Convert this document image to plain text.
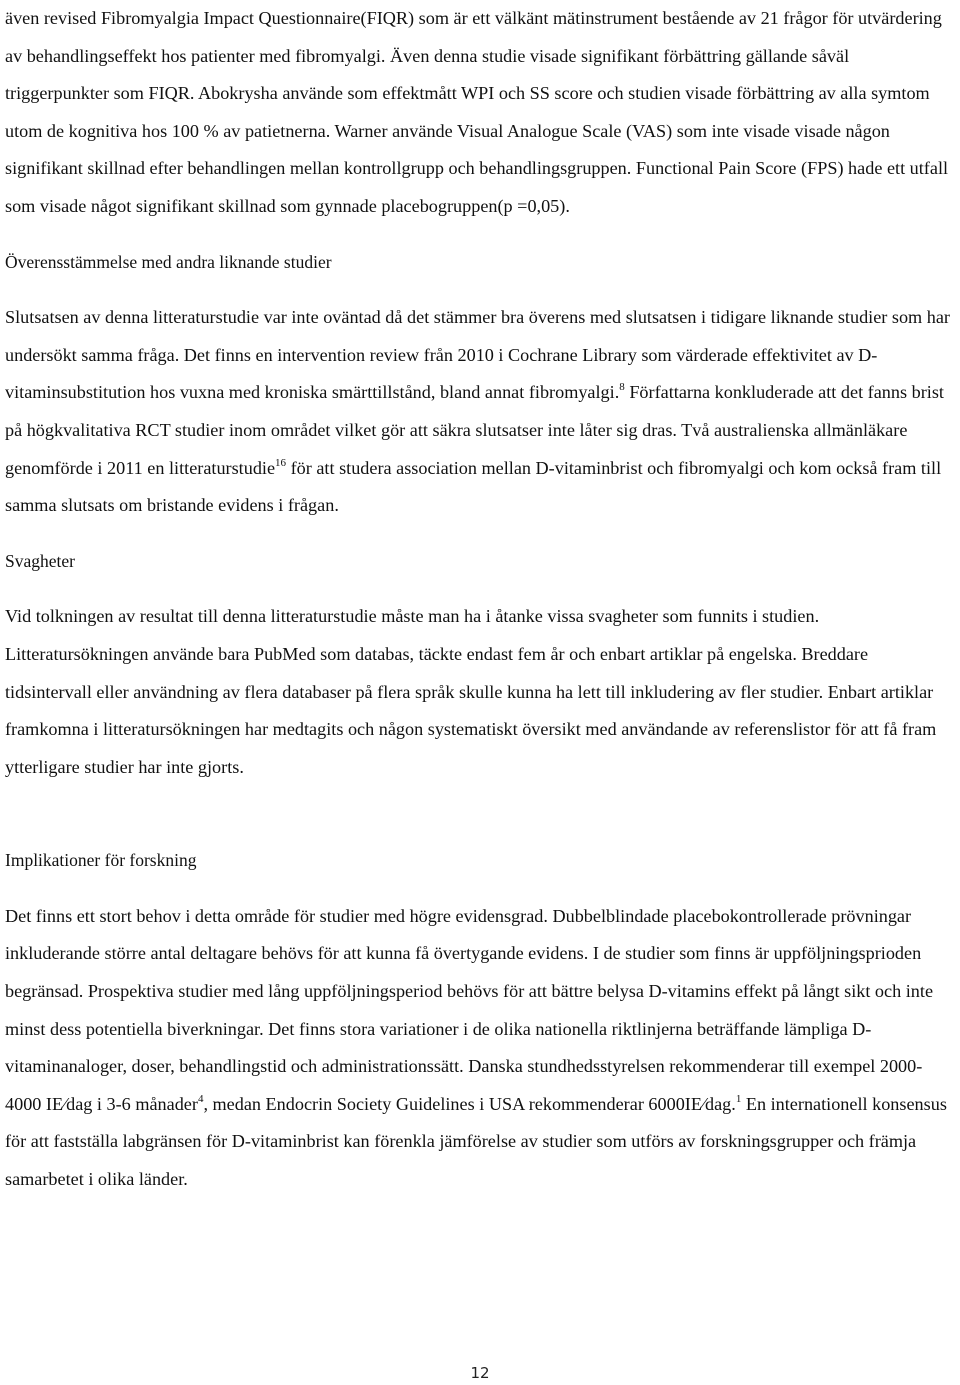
även revised Fibromyalgia Impact Questionnaire(FIQR) som är ett välkänt mätinstrument bestående av 21 frågor för utvärdering av behandlingseffekt hos patienter med fibromyalgi. Även denna studie visade signifikant förbättring gällande såväl triggerpunkter som FIQR. Abokrysha använde som effektmått WPI och SS score och studien visade förbättring av alla symtom utom de kognitiva hos 100 % av patietnerna. Warner använde Visual Analogue Scale (VAS) som inte visade visade någon signifikant skillnad efter behandlingen mellan kontrollgrupp och behandlingsgruppen. Functional Pain Score (FPS) hade ett utfall som visade något signifikant skillnad som gynnade placebogruppen(p =0,05).

Överensstämmelse med andra liknande studier

Slutsatsen av denna litteraturstudie var inte oväntad då det stämmer bra överens med slutsatsen i tidigare liknande studier som har undersökt samma fråga. Det finns en intervention review från 2010 i Cochrane Library som värderade effektivitet av D-vitaminsubstitution hos vuxna med kroniska smärttillstånd, bland annat fibromyalgi.$^8$ Författarna konkluderade att det fanns brist på högkvalitativa RCT studier inom området vilket gör att säkra slutsatser inte låter sig dras. Två australienska allmänläkare genomförde i 2011 en litteraturstudie$^{16}$ för att studera association mellan D-vitaminbrist och fibromyalgi och kom också fram till samma slutsats om bristande evidens i frågan.

Svagheter

Vid tolkningen av resultat till denna litteraturstudie måste man ha i åtanke vissa svagheter som funnits i studien. Litteratursökningen använde bara PubMed som databas, täckte endast fem år och enbart artiklar på engelska. Breddare tidsintervall eller användning av flera databaser på flera språk skulle kunna ha lett till inkludering av fler studier. Enbart artiklar framkomna i litteratursökningen har medtagits och någon systematiskt översikt med användande av referenslistor för att få fram ytterligare studier har inte gjorts.

Implikationer för forskning

Det finns ett stort behov i detta område för studier med högre evidensgrad. Dubbelblindade placebokontrollerade prövningar inkluderande större antal deltagare behövs för att kunna få övertygande evidens. I de studier som finns är uppföljningsprioden begränsad. Prospektiva studier med lång uppföljningsperiod behövs för att bättre belysa D-vitamins effekt på långt sikt och inte minst dess potentiella biverkningar. Det finns stora variationer i de olika nationella riktlinjerna beträffande lämpliga D-vitaminanaloger, doser, behandlingstid och administrationssätt. Danska stundhedsstyrelsen rekommenderar till exempel 2000-4000 IE⁄dag i 3-6 månader$^4$, medan Endocrin Society Guidelines i USA rekommenderar 6000IE⁄dag.$^1$ En internationell konsensus för att fastställa labgränsen för D-vitaminbrist kan förenkla jämförelse av studier som utförs av forskningsgrupper och främja samarbetet i olika länder.

12
